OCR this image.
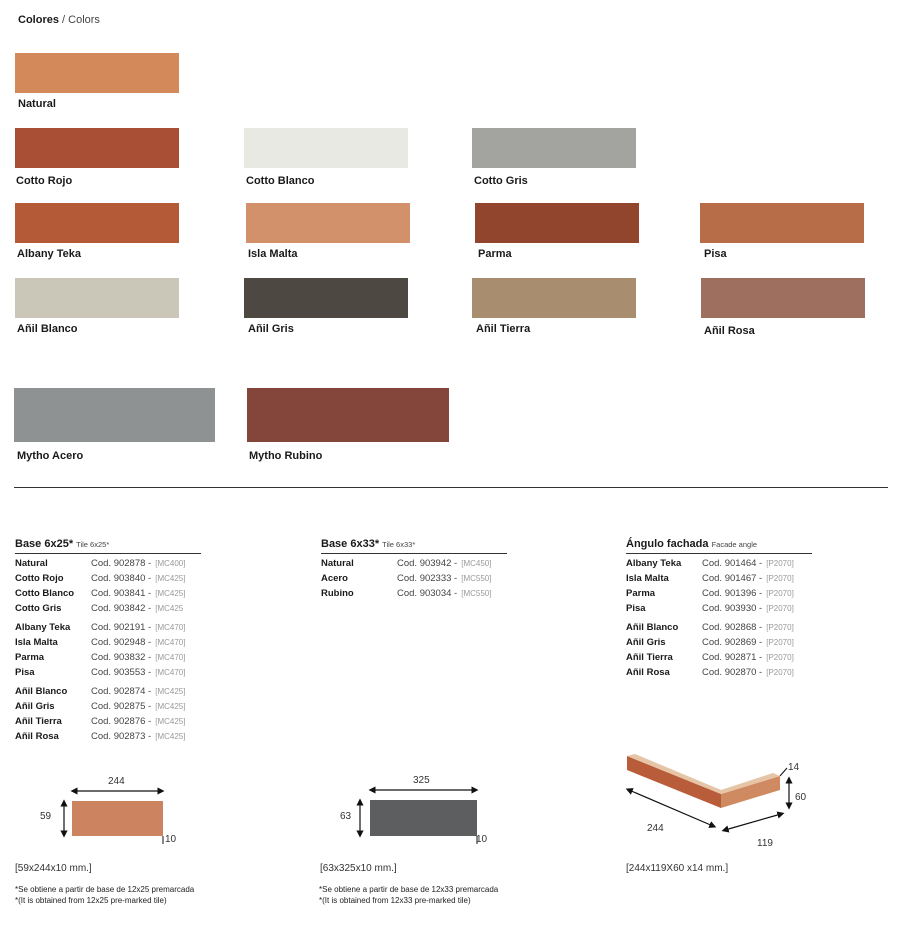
Colores / Colors
Natural
Cotto Rojo	Cotto Blanco	Cotto Gris
Albany Teka	Isla Malta	Parma	Pisa
Añil Blanco	Añil Gris	Añil Tierra	Añil Rosa
Mytho Acero	Mytho Rubino
Base 6x25* Tile 6x25*
Natural	Cod. 902878 - [MC400]
Cotto Rojo	Cod. 903840 - [MC425]
Cotto Blanco	Cod. 903841 - [MC425]
Cotto Gris	Cod. 903842 - [MC425
Albany Teka	Cod. 902191 - [MC470]
Isla Malta	Cod. 902948 - [MC470]
Parma	Cod. 903832 - [MC470]
Pisa	Cod. 903553 - [MC470]
Añil Blanco	Cod. 902874 - [MC425]
Añil Gris	Cod. 902875 - [MC425]
Añil Tierra	Cod. 902876 - [MC425]
Añil Rosa	Cod. 902873 - [MC425]
Base 6x33* Tile 6x33*
Natural	Cod. 903942 - [MC450]
Acero	Cod. 902333 - [MC550]
Rubino	Cod. 903034 - [MC550]
Ángulo fachada Facade angle
Albany Teka	Cod. 901464 - [P2070]
Isla Malta	Cod. 901467 - [P2070]
Parma	Cod. 901396 - [P2070]
Pisa	Cod. 903930 - [P2070]
Añil Blanco	Cod. 902868 - [P2070]
Añil Gris	Cod. 902869 - [P2070]
Añil Tierra	Cod. 902871 - [P2070]
Añil Rosa	Cod. 902870 - [P2070]
244
59
10
325
63
10
244
119
60
14
[59x244x10 mm.]	[63x325x10 mm.]	[244x119X60 x14 mm.]
*Se obtiene a partir de base de 12x25 premarcada
*(It is obtained from 12x25 pre-marked tile)
*Se obtiene a partir de base de 12x33 premarcada
*(It is obtained from 12x33 pre-marked tile)
